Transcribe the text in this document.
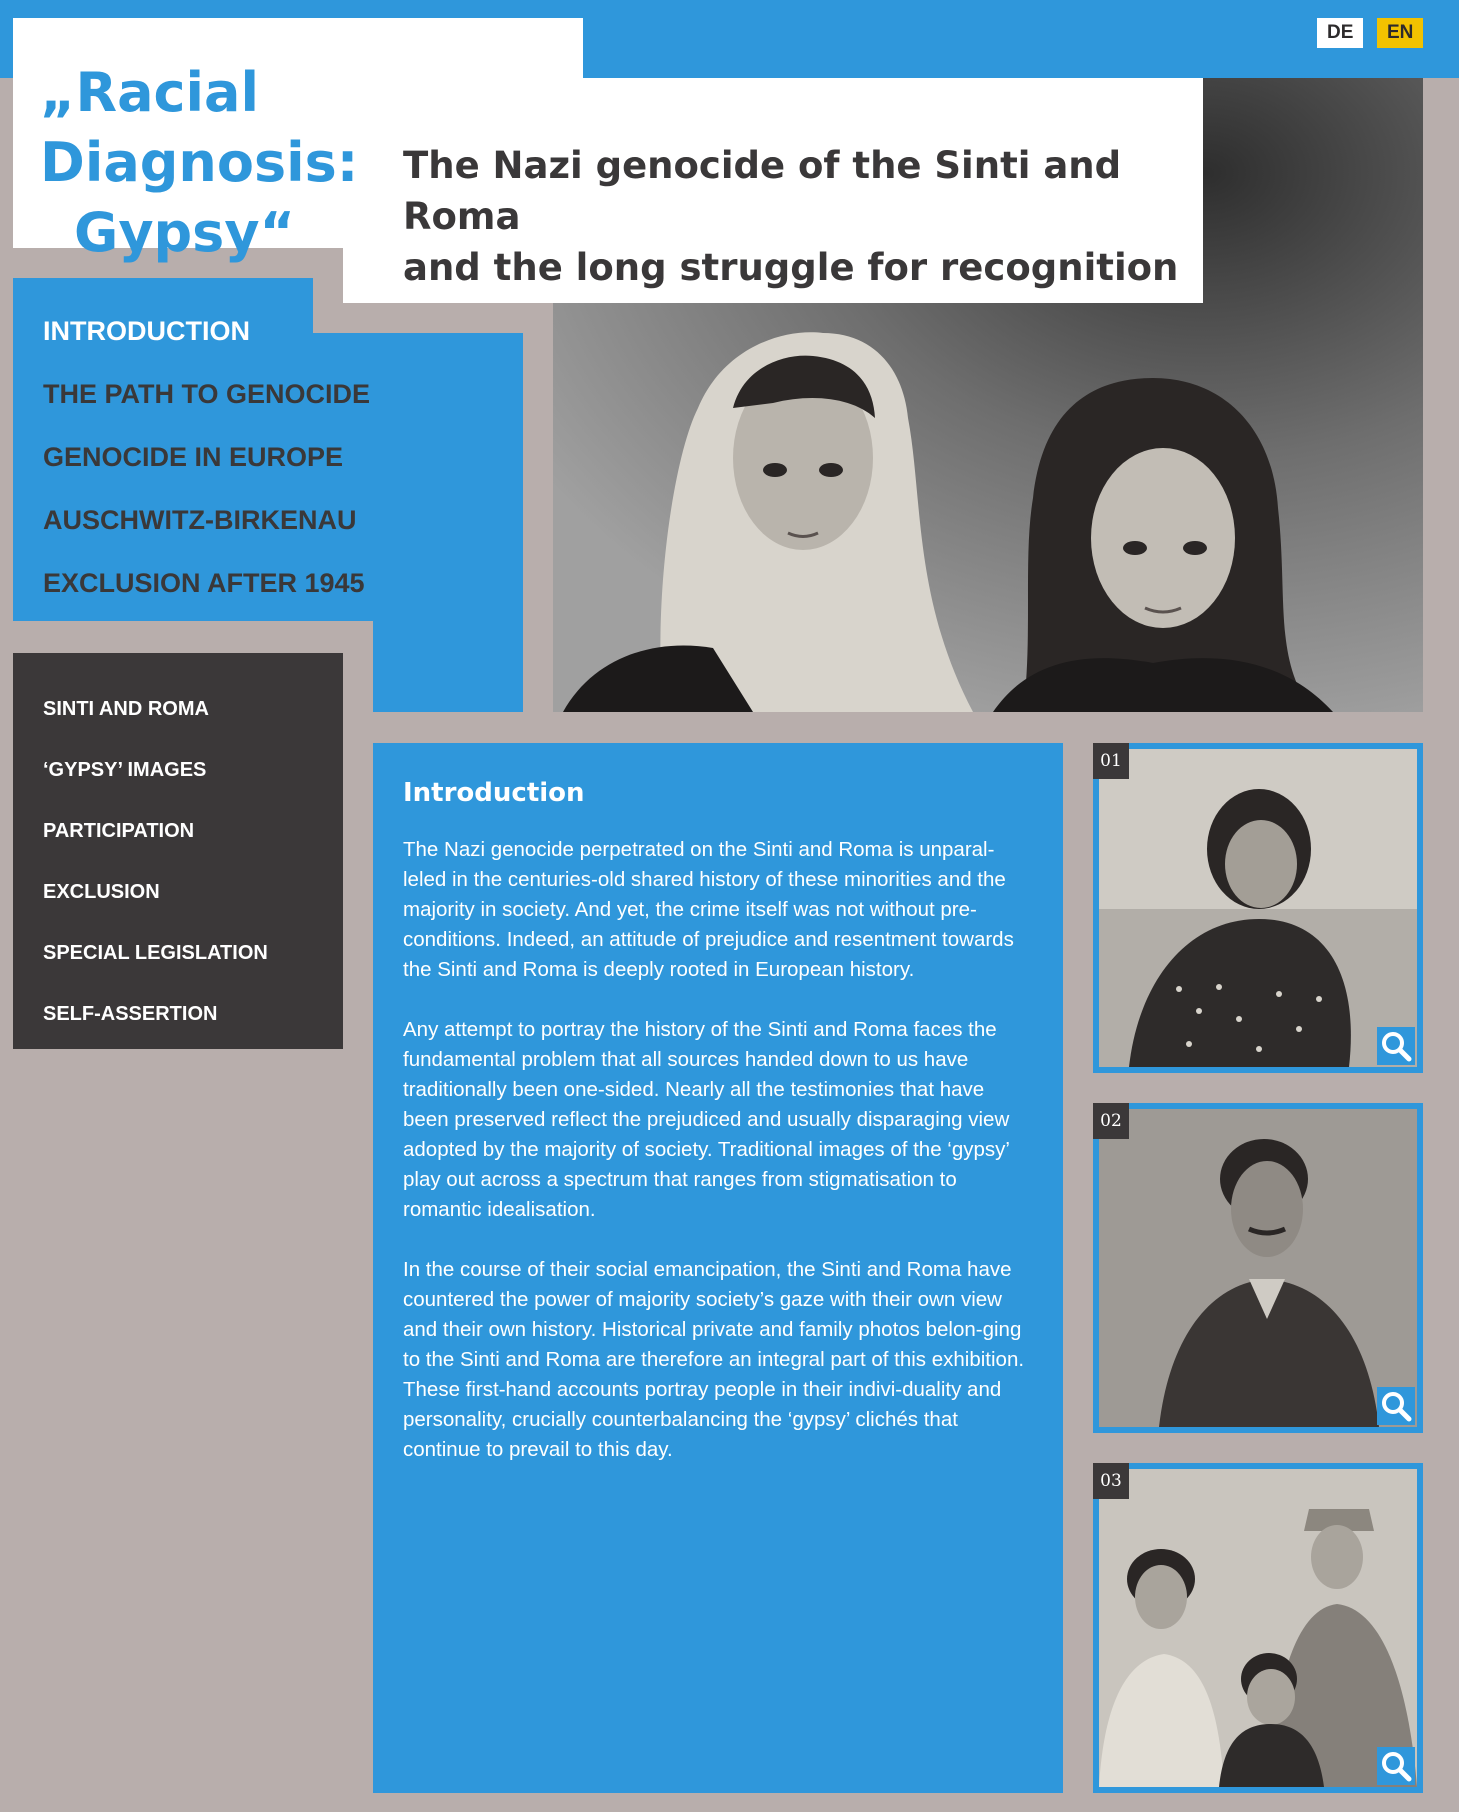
DE	EN
„Racial Diagnosis:
Gypsy“
The Nazi genocide of the Sinti and Roma
and the long struggle for recognition
INTRODUCTION
THE PATH TO GENOCIDE
GENOCIDE IN EUROPE
AUSCHWITZ-BIRKENAU
EXCLUSION AFTER 1945
SINTI AND ROMA
‘GYPSY’ IMAGES
PARTICIPATION
EXCLUSION
SPECIAL LEGISLATION
SELF-ASSERTION
Introduction

The Nazi genocide perpetrated on the Sinti and Roma is unparal-leled in the centuries-old shared history of these minorities and the majority in society. And yet, the crime itself was not without pre-conditions. Indeed, an attitude of prejudice and resentment towards the Sinti and Roma is deeply rooted in European history.

Any attempt to portray the history of the Sinti and Roma faces the fundamental problem that all sources handed down to us have traditionally been one-sided. Nearly all the testimonies that have been preserved reflect the prejudiced and usually disparaging view adopted by the majority of society. Traditional images of the ‘gypsy’ play out across a spectrum that ranges from stigmatisation to romantic idealisation.

In the course of their social emancipation, the Sinti and Roma have countered the power of majority society’s gaze with their own view and their own history. Historical private and family photos belon-ging to the Sinti and Roma are therefore an integral part of this exhibition. These first-hand accounts portray people in their indivi-duality and personality, crucially counterbalancing the ‘gypsy’ clichés that continue to prevail to this day.

01
02
03
